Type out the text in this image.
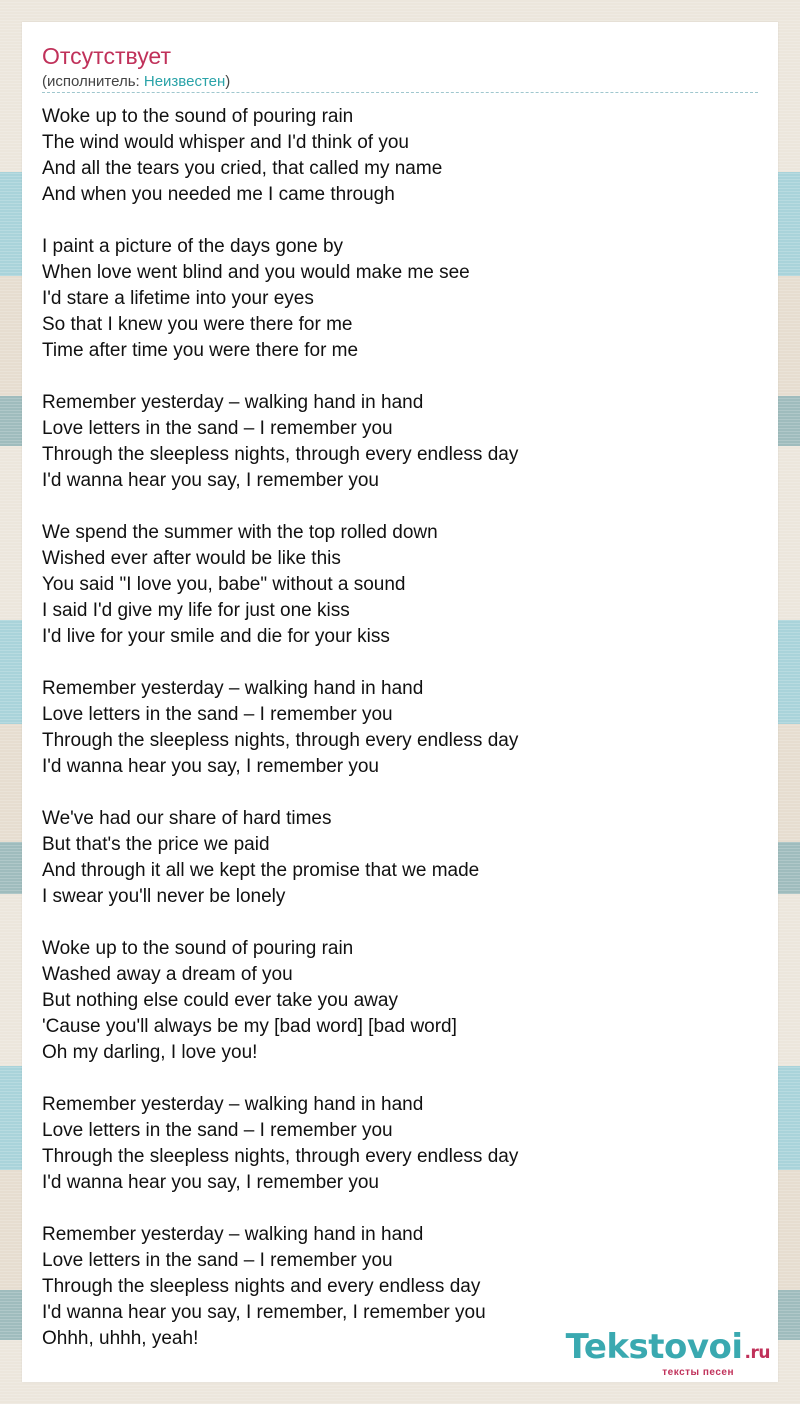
Отсутствует
(исполнитель: Неизвестен)
Woke up to the sound of pouring rain
The wind would whisper and I'd think of you
And all the tears you cried, that called my name
And when you needed me I came through
I paint a picture of the days gone by
When love went blind and you would make me see
I'd stare a lifetime into your eyes
So that I knew you were there for me
Time after time you were there for me
Remember yesterday – walking hand in hand
Love letters in the sand – I remember you
Through the sleepless nights, through every endless day
I'd wanna hear you say, I remember you
We spend the summer with the top rolled down
Wished ever after would be like this
You said "I love you, babe" without a sound
I said I'd give my life for just one kiss
I'd live for your smile and die for your kiss
Remember yesterday – walking hand in hand
Love letters in the sand – I remember you
Through the sleepless nights, through every endless day
I'd wanna hear you say, I remember you
We've had our share of hard times
But that's the price we paid
And through it all we kept the promise that we made
I swear you'll never be lonely
Woke up to the sound of pouring rain
Washed away a dream of you
But nothing else could ever take you away
'Cause you'll always be my [bad word] [bad word]
Oh my darling, I love you!
Remember yesterday – walking hand in hand
Love letters in the sand – I remember you
Through the sleepless nights, through every endless day
I'd wanna hear you say, I remember you
Remember yesterday – walking hand in hand
Love letters in the sand – I remember you
Through the sleepless nights and every endless day
I'd wanna hear you say, I remember, I remember you
Ohhh, uhhh, yeah!	Tekstovoi .ru
тексты песен
